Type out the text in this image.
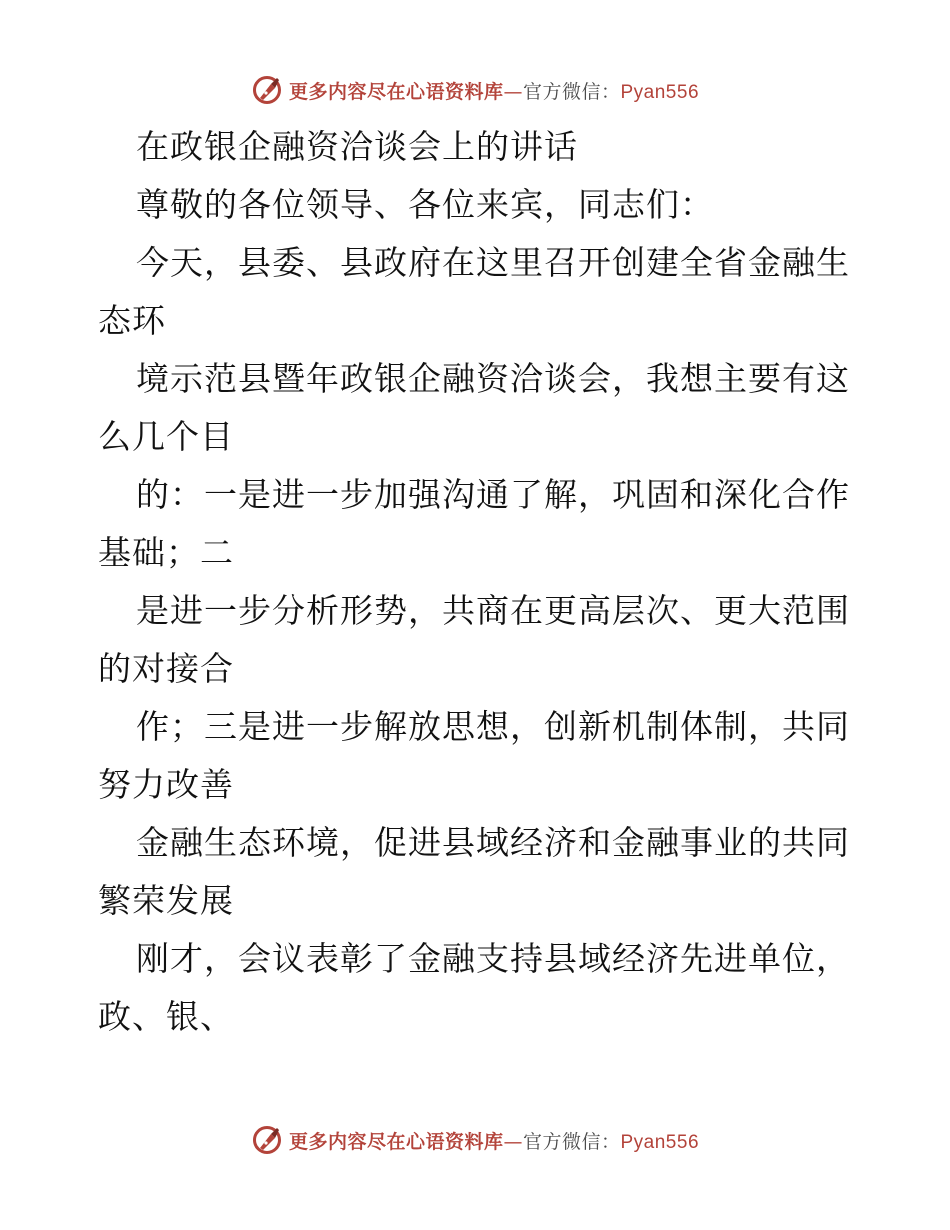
更多内容尽在心语资料库—官方微信：Pyan556
在政银企融资洽谈会上的讲话
尊敬的各位领导、各位来宾，同志们：
今天，县委、县政府在这里召开创建全省金融生
态环
境示范县暨年政银企融资洽谈会，我想主要有这
么几个目
的：一是进一步加强沟通了解，巩固和深化合作
基础；二
是进一步分析形势，共商在更高层次、更大范围
的对接合
作；三是进一步解放思想，创新机制体制，共同
努力改善
金融生态环境，促进县域经济和金融事业的共同
繁荣发展
刚才，会议表彰了金融支持县域经济先进单位，
政、银、
更多内容尽在心语资料库—官方微信：Pyan556
